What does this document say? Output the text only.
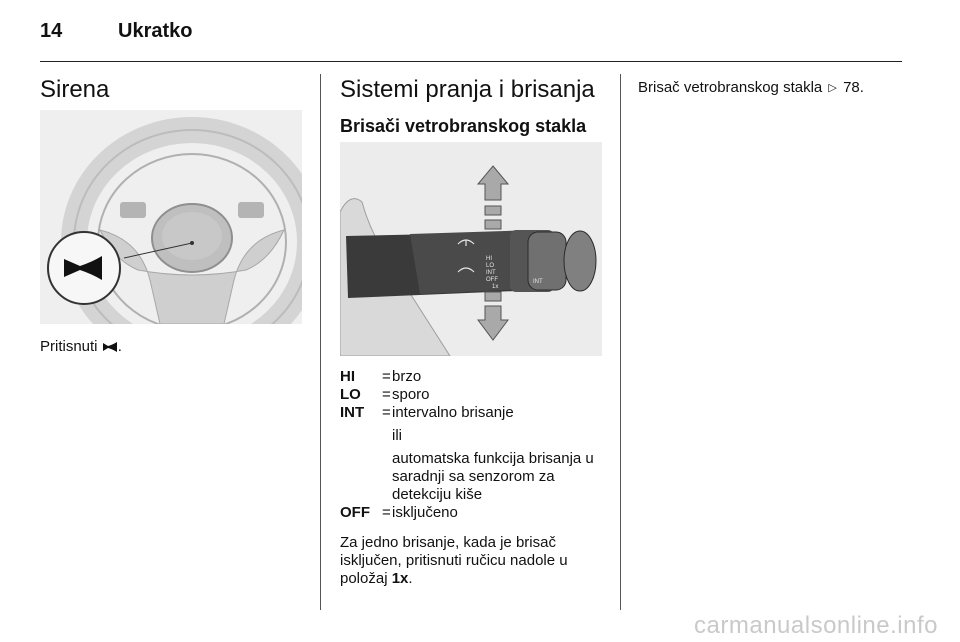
14	Ukratko
Sirena
Pritisnuti .
Sistemi pranja i brisanja
Brisači vetrobranskog stakla
HI
LO
INT
OFF
1x
INT
HI	= brzo
LO	= sporo
INT	= intervalno brisanje
ili
automatska funkcija brisanja u saradnji sa senzorom za detekciju kiše
OFF = isključeno
Za jedno brisanje, kada je brisač isključen, pritisnuti ručicu nadole u položaj 1x.
Brisač vetrobranskog stakla ▷ 78.
carmanualsonline.info
